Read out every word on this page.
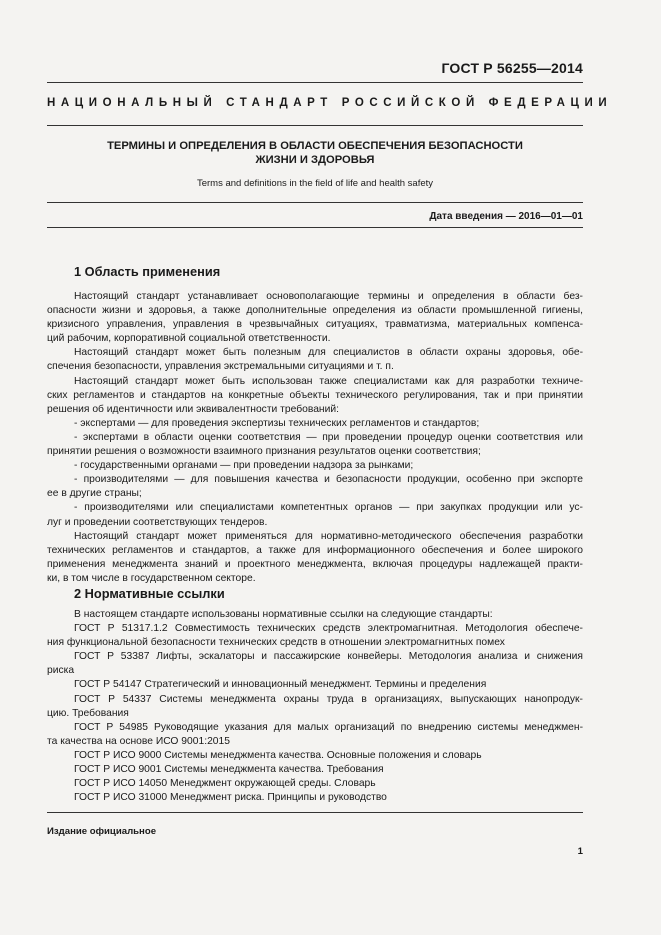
ГОСТ Р 56255—2014
НАЦИОНАЛЬНЫЙ СТАНДАРТ РОССИЙСКОЙ ФЕДЕРАЦИИ
ТЕРМИНЫ И ОПРЕДЕЛЕНИЯ В ОБЛАСТИ ОБЕСПЕЧЕНИЯ БЕЗОПАСНОСТИ
ЖИЗНИ И ЗДОРОВЬЯ
Terms and definitions in the field of life and health safety
Дата введения — 2016—01—01
1 Область применения
Настоящий стандарт устанавливает основополагающие термины и определения в области без-
опасности жизни и здоровья, а также дополнительные определения из области промышленной гигиены,
кризисного управления, управления в чрезвычайных ситуациях, травматизма, материальных компенса-
ций рабочим, корпоративной социальной ответственности.
Настоящий стандарт может быть полезным для специалистов в области охраны здоровья, обе-
спечения безопасности, управления экстремальными ситуациями и т. п.
Настоящий стандарт может быть использован также специалистами как для разработки техниче-
ских регламентов и стандартов на конкретные объекты технического регулирования, так и при принятии
решения об идентичности или эквивалентности требований:
- экспертами — для проведения экспертизы технических регламентов и стандартов;
- экспертами в области оценки соответствия — при проведении процедур оценки соответствия или
принятии решения о возможности взаимного признания результатов оценки соответствия;
- государственными органами — при проведении надзора за рынками;
- производителями — для повышения качества и безопасности продукции, особенно при экспорте
ее в другие страны;
- производителями или специалистами компетентных органов — при закупках продукции или ус-
луг и проведении соответствующих тендеров.
Настоящий стандарт может применяться для нормативно-методического обеспечения разработки
технических регламентов и стандартов, а также для информационного обеспечения и более широкого
применения менеджмента знаний и проектного менеджмента, включая процедуры надлежащей практи-
ки, в том числе в государственном секторе.
2 Нормативные ссылки
В настоящем стандарте использованы нормативные ссылки на следующие стандарты:
ГОСТ Р 51317.1.2 Совместимость технических средств электромагнитная. Методология обеспече-
ния функциональной безопасности технических средств в отношении электромагнитных помех
ГОСТ Р 53387 Лифты, эскалаторы и пассажирские конвейеры. Методология анализа и снижения
риска
ГОСТ Р 54147 Стратегический и инновационный менеджмент. Термины и пределения
ГОСТ Р 54337 Системы менеджмента охраны труда в организациях, выпускающих нанопродук-
цию. Требования
ГОСТ Р 54985 Руководящие указания для малых организаций по внедрению системы менеджмен-
та качества на основе ИСО 9001:2015
ГОСТ Р ИСО 9000 Системы менеджмента качества. Основные положения и словарь
ГОСТ Р ИСО 9001 Системы менеджмента качества. Требования
ГОСТ Р ИСО 14050 Менеджмент окружающей среды. Словарь
ГОСТ Р ИСО 31000 Менеджмент риска. Принципы и руководство
Издание официальное
1
